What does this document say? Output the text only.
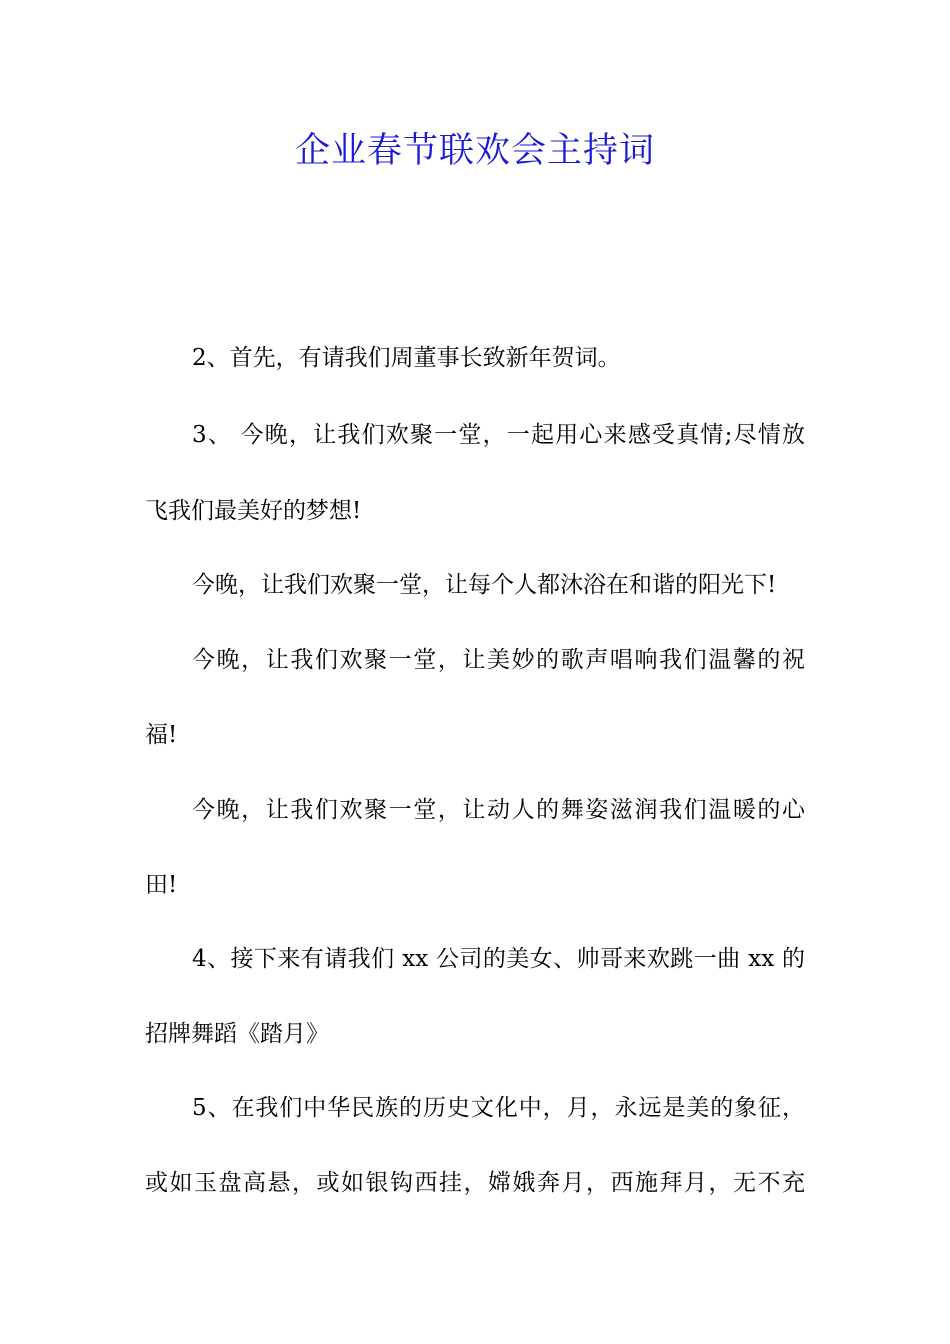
企业春节联欢会主持词

2、首先，有请我们周董事长致新年贺词。

3、 今晚，让我们欢聚一堂，一起用心来感受真情;尽情放

飞我们最美好的梦想!

今晚，让我们欢聚一堂，让每个人都沐浴在和谐的阳光下!

今晚，让我们欢聚一堂，让美妙的歌声唱响我们温馨的祝

福!

今晚，让我们欢聚一堂，让动人的舞姿滋润我们温暖的心

田!

4、接下来有请我们 xx 公司的美女、帅哥来欢跳一曲 xx 的

招牌舞蹈《踏月》

5、在我们中华民族的历史文化中，月，永远是美的象征，

或如玉盘高悬，或如银钩西挂，嫦娥奔月，西施拜月，无不充
